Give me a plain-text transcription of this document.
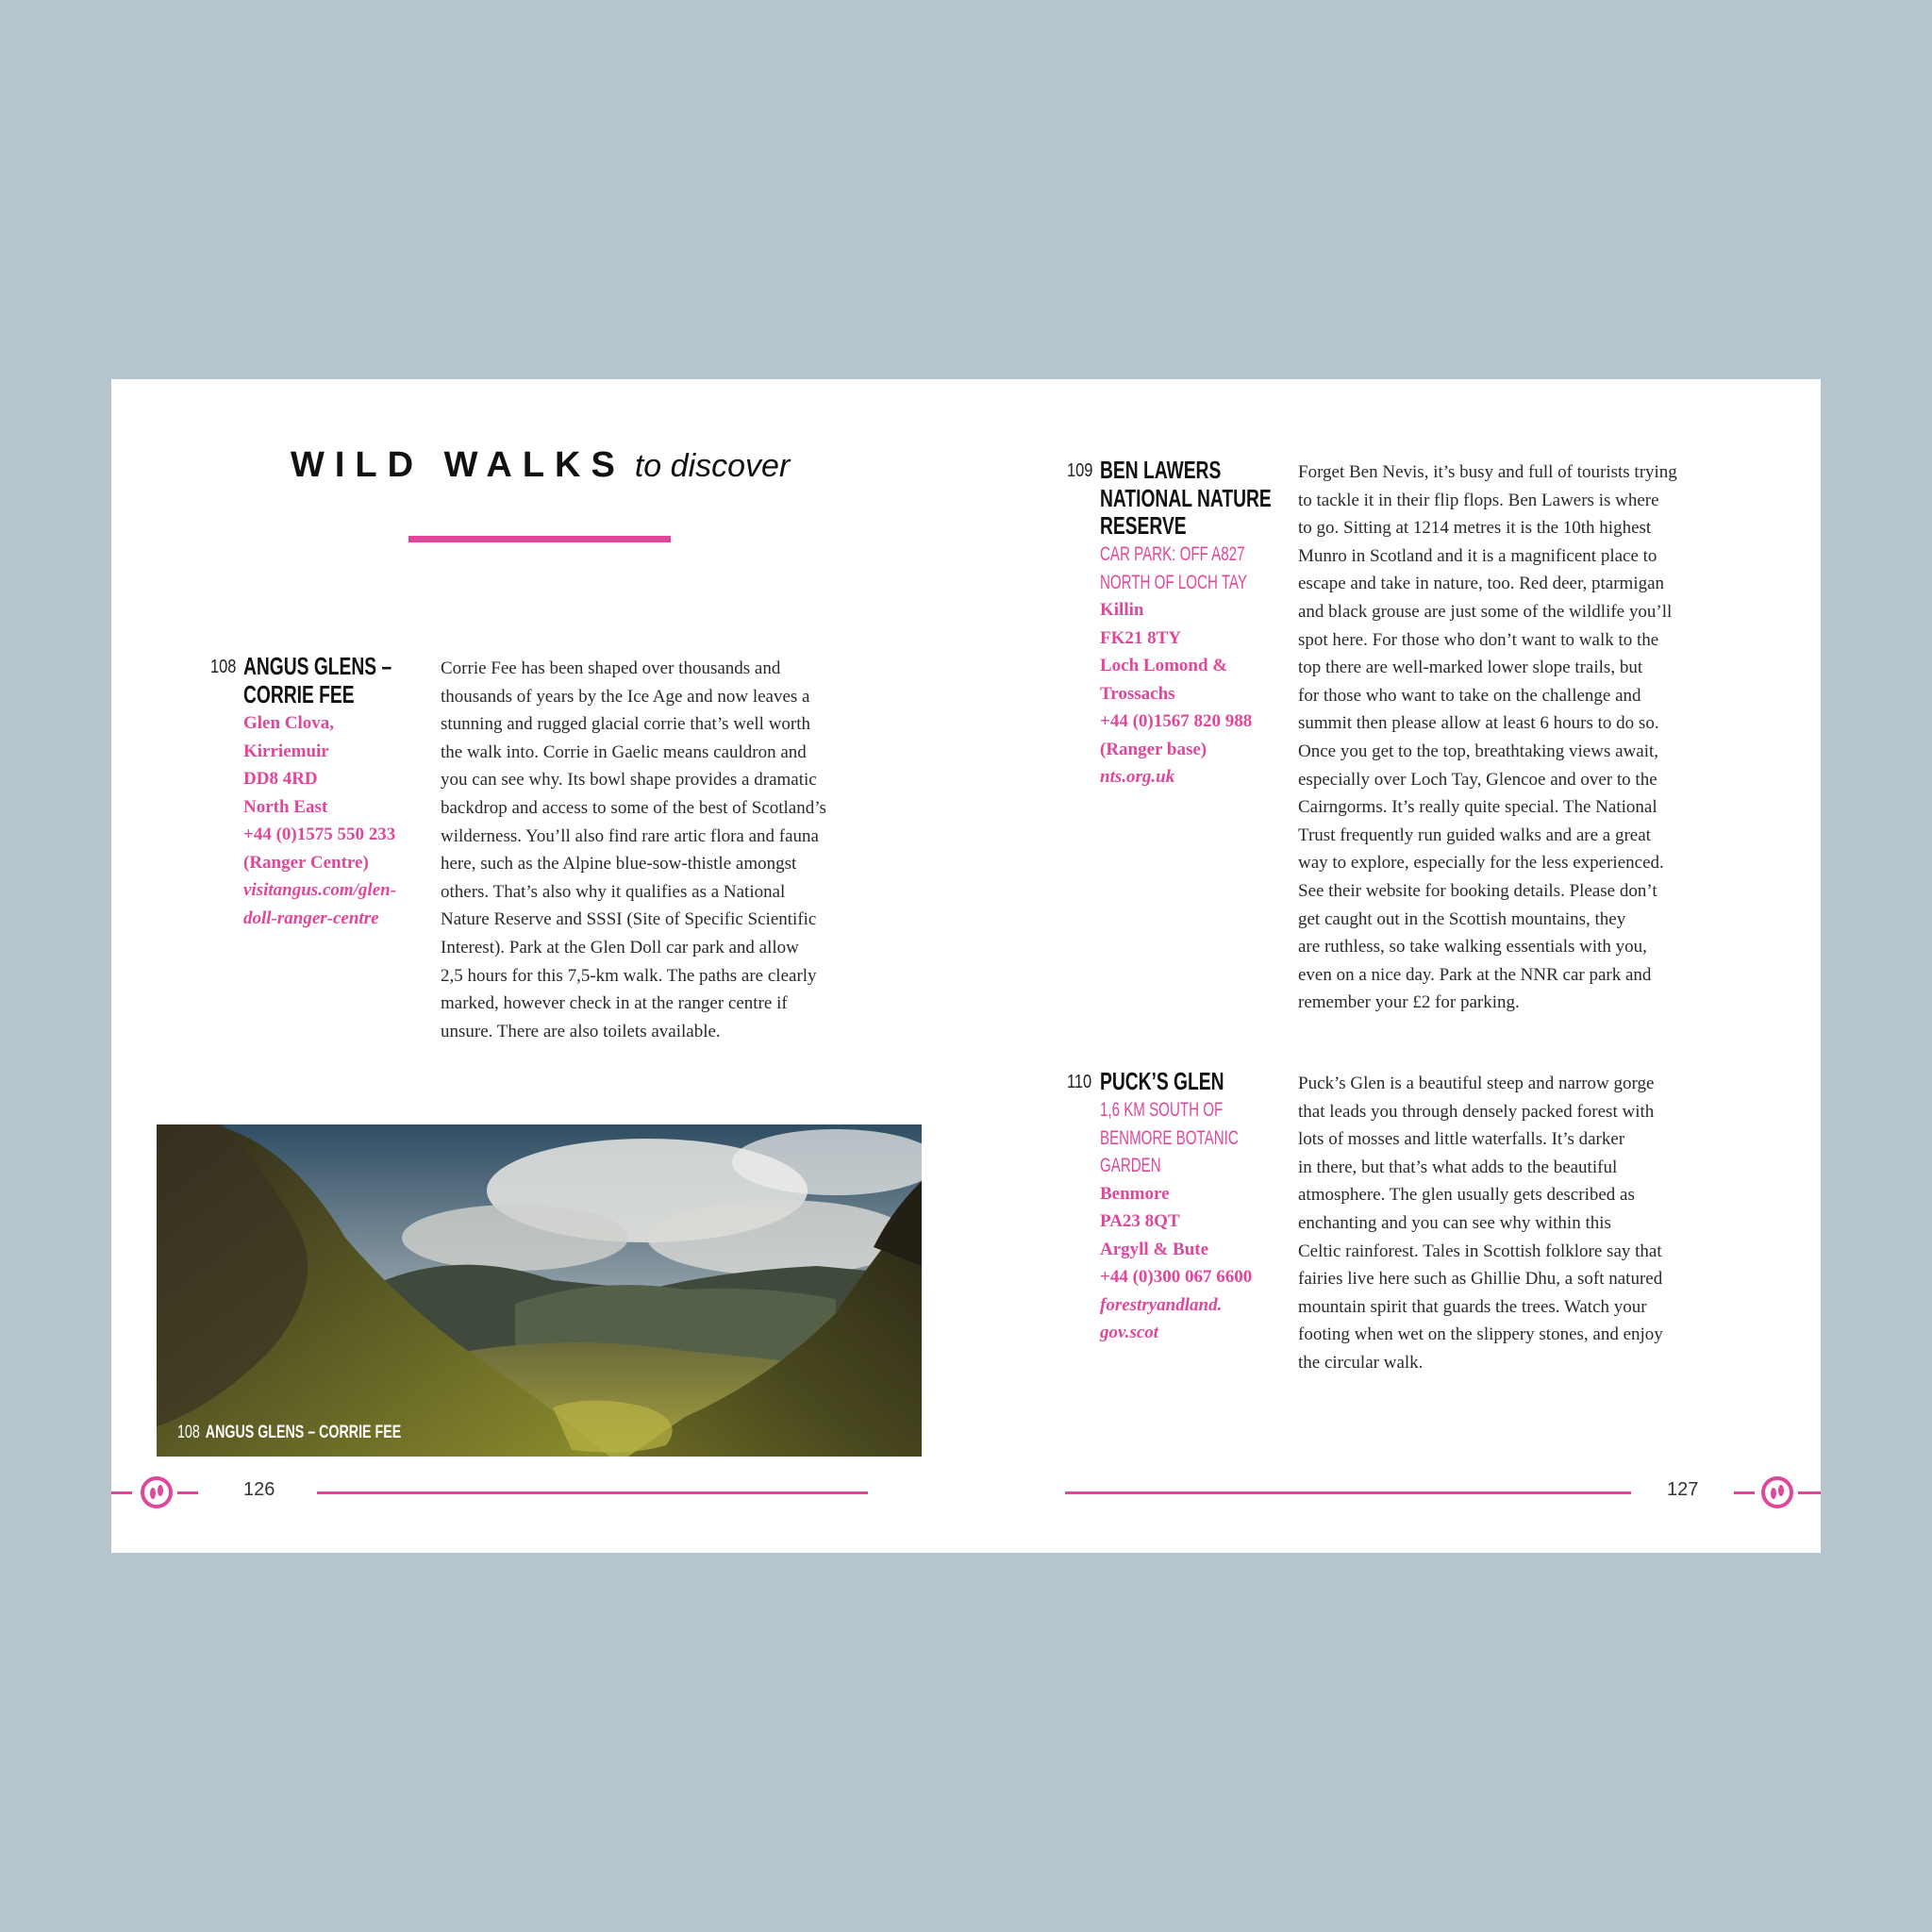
WILD WALKS to discover
108 ANGUS GLENS –
CORRIE FEE
Glen Clova,
Kirriemuir
DD8 4RD
North East
+44 (0)1575 550 233
(Ranger Centre)
visitangus.com/glen-
doll-ranger-centre
Corrie Fee has been shaped over thousands and
thousands of years by the Ice Age and now leaves a
stunning and rugged glacial corrie that’s well worth
the walk into. Corrie in Gaelic means cauldron and
you can see why. Its bowl shape provides a dramatic
backdrop and access to some of the best of Scotland’s
wilderness. You’ll also find rare artic flora and fauna
here, such as the Alpine blue-sow-thistle amongst
others. That’s also why it qualifies as a National
Nature Reserve and SSSI (Site of Specific Scientific
Interest). Park at the Glen Doll car park and allow
2,5 hours for this 7,5-km walk. The paths are clearly
marked, however check in at the ranger centre if
unsure. There are also toilets available.
108 ANGUS GLENS – CORRIE FEE
109 BEN LAWERS
NATIONAL NATURE
RESERVE
CAR PARK: OFF A827
NORTH OF LOCH TAY
Killin
FK21 8TY
Loch Lomond &
Trossachs
+44 (0)1567 820 988
(Ranger base)
nts.org.uk
Forget Ben Nevis, it’s busy and full of tourists trying
to tackle it in their flip flops. Ben Lawers is where
to go. Sitting at 1214 metres it is the 10th highest
Munro in Scotland and it is a magnificent place to
escape and take in nature, too. Red deer, ptarmigan
and black grouse are just some of the wildlife you’ll
spot here. For those who don’t want to walk to the
top there are well-marked lower slope trails, but
for those who want to take on the challenge and
summit then please allow at least 6 hours to do so.
Once you get to the top, breathtaking views await,
especially over Loch Tay, Glencoe and over to the
Cairngorms. It’s really quite special. The National
Trust frequently run guided walks and are a great
way to explore, especially for the less experienced.
See their website for booking details. Please don’t
get caught out in the Scottish mountains, they
are ruthless, so take walking essentials with you,
even on a nice day. Park at the NNR car park and
remember your £2 for parking.
110 PUCK’S GLEN
1,6 KM SOUTH OF
BENMORE BOTANIC
GARDEN
Benmore
PA23 8QT
Argyll & Bute
+44 (0)300 067 6600
forestryandland.
gov.scot
Puck’s Glen is a beautiful steep and narrow gorge
that leads you through densely packed forest with
lots of mosses and little waterfalls. It’s darker
in there, but that’s what adds to the beautiful
atmosphere. The glen usually gets described as
enchanting and you can see why within this
Celtic rainforest. Tales in Scottish folklore say that
fairies live here such as Ghillie Dhu, a soft natured
mountain spirit that guards the trees. Watch your
footing when wet on the slippery stones, and enjoy
the circular walk.
126	127
